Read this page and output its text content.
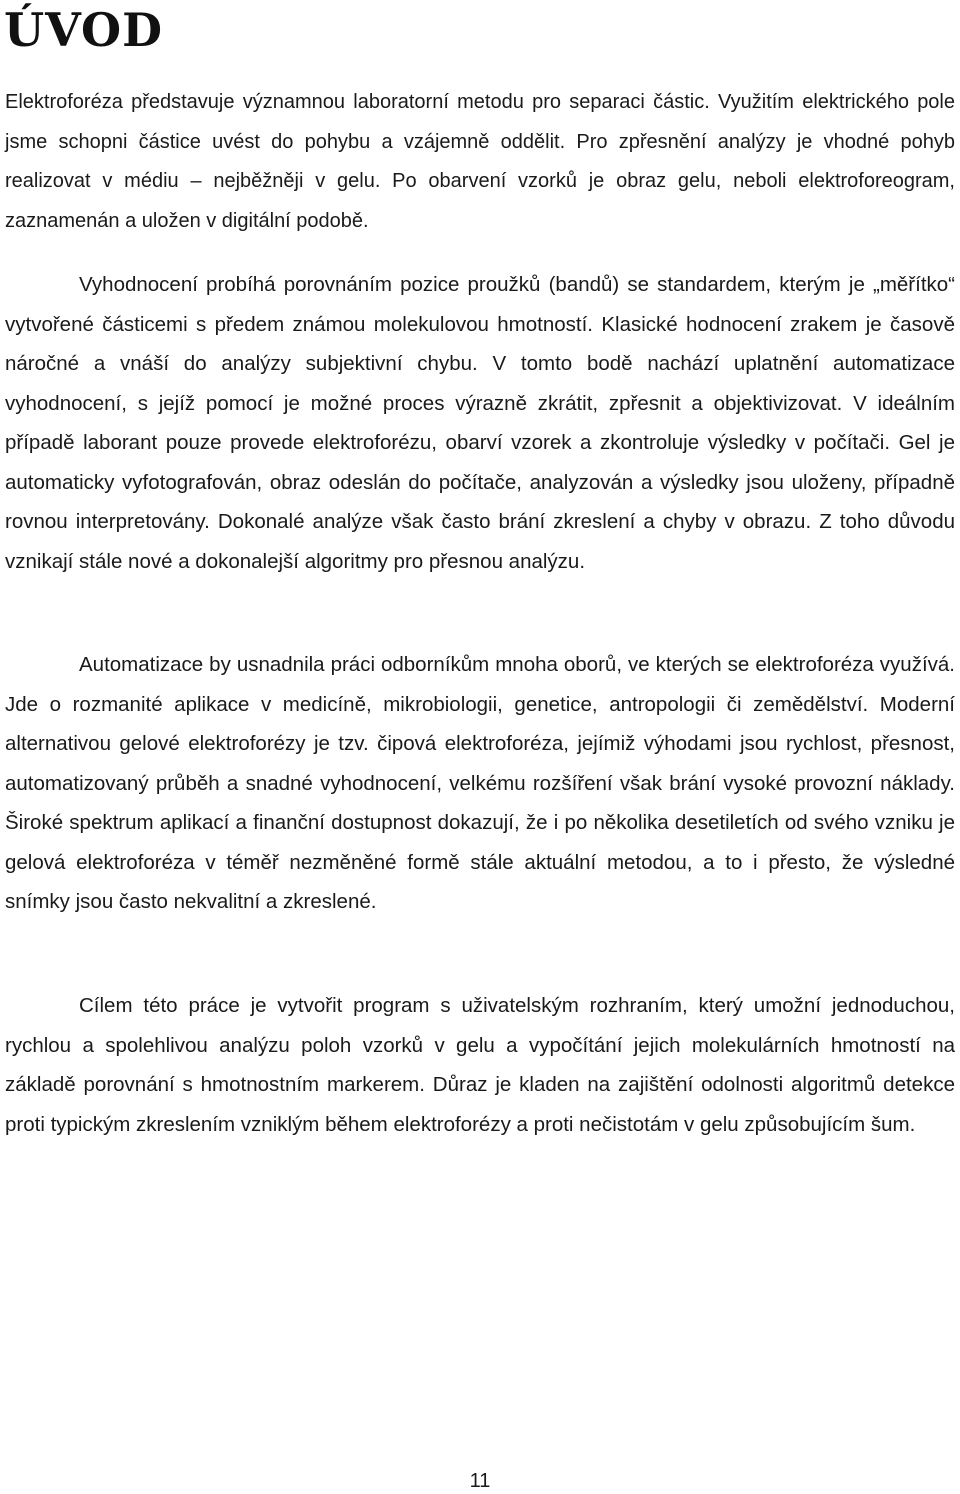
ÚVOD

Elektroforéza představuje významnou laboratorní metodu pro separaci částic. Využitím elektrického pole jsme schopni částice uvést do pohybu a vzájemně oddělit. Pro zpřesnění analýzy je vhodné pohyb realizovat v médiu – nejběžněji v gelu. Po obarvení vzorků je obraz gelu, neboli elektroforeogram, zaznamenán a uložen v digitální podobě.

Vyhodnocení probíhá porovnáním pozice proužků (bandů) se standardem, kterým je „měřítko“ vytvořené částicemi s předem známou molekulovou hmotností. Klasické hodnocení zrakem je časově náročné a vnáší do analýzy subjektivní chybu. V tomto bodě nachází uplatnění automatizace vyhodnocení, s jejíž pomocí je možné proces výrazně zkrátit, zpřesnit a objektivizovat. V ideálním případě laborant pouze provede elektroforézu, obarví vzorek a zkontroluje výsledky v počítači. Gel je automaticky vyfotografován, obraz odeslán do počítače, analyzován a výsledky jsou uloženy, případně rovnou interpretovány. Dokonalé analýze však často brání zkreslení a chyby v obrazu. Z toho důvodu vznikají stále nové a dokonalejší algoritmy pro přesnou analýzu.

Automatizace by usnadnila práci odborníkům mnoha oborů, ve kterých se elektroforéza využívá. Jde o rozmanité aplikace v medicíně, mikrobiologii, genetice, antropologii či zemědělství. Moderní alternativou gelové elektroforézy je tzv. čipová elektroforéza, jejímiž výhodami jsou rychlost, přesnost, automatizovaný průběh a snadné vyhodnocení, velkému rozšíření však brání vysoké provozní náklady. Široké spektrum aplikací a finanční dostupnost dokazují, že i po několika desetiletích od svého vzniku je gelová elektroforéza v téměř nezměněné formě stále aktuální metodou, a to i přesto, že výsledné snímky jsou často nekvalitní a zkreslené.

Cílem této práce je vytvořit program s uživatelským rozhraním, který umožní jednoduchou, rychlou a spolehlivou analýzu poloh vzorků v gelu a vypočítání jejich molekulárních hmotností na základě porovnání s hmotnostním markerem. Důraz je kladen na zajištění odolnosti algoritmů detekce proti typickým zkreslením vzniklým během elektroforézy a proti nečistotám v gelu způsobujícím šum.

11
